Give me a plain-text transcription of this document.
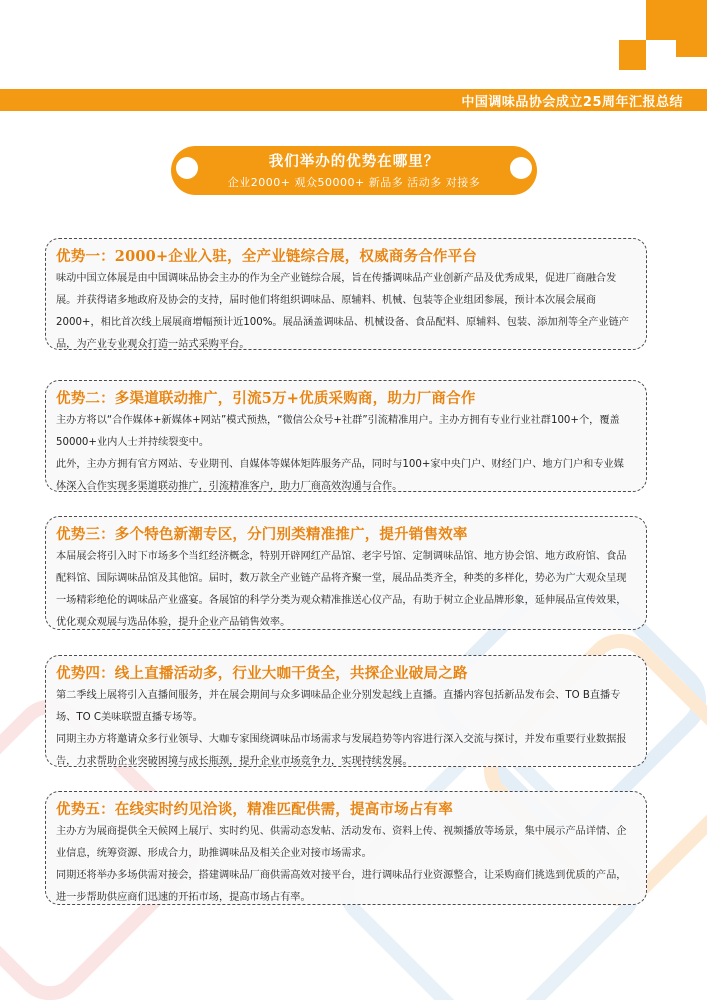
中国调味品协会成立25周年汇报总结
我们举办的优势在哪里？
企业2000+ 观众50000+ 新品多 活动多 对接多
优势一：2000+企业入驻，全产业链综合展，权威商务合作平台

味动中国立体展是由中国调味品协会主办的作为全产业链综合展，旨在传播调味品产业创新产品及优秀成果，促进厂商融合发展。并获得诸多地政府及协会的支持，届时他们将组织调味品、原辅料、机械、包装等企业组团参展，预计本次展会展商2000+，相比首次线上展展商增幅预计近100%。展品涵盖调味品、机械设备、食品配料、原辅料、包装、添加剂等全产业链产品，为产业专业观众打造一站式采购平台。

优势二：多渠道联动推广，引流5万+优质采购商，助力厂商合作

主办方将以“合作媒体+新媒体+网站”模式预热，“微信公众号+社群”引流精准用户。主办方拥有专业行业社群100+个，覆盖50000+业内人士并持续裂变中。

此外，主办方拥有官方网站、专业期刊、自媒体等媒体矩阵服务产品，同时与100+家中央门户、财经门户、地方门户和专业媒体深入合作实现多渠道联动推广，引流精准客户，助力厂商高效沟通与合作。

优势三：多个特色新潮专区，分门别类精准推广，提升销售效率

本届展会将引入时下市场多个当红经济概念，特别开辟网红产品馆、老字号馆、定制调味品馆、地方协会馆、地方政府馆、食品配料馆、国际调味品馆及其他馆。届时，数万款全产业链产品将齐聚一堂，展品品类齐全，种类的多样化，势必为广大观众呈现一场精彩绝伦的调味品产业盛宴。各展馆的科学分类为观众精准推送心仪产品，有助于树立企业品牌形象，延伸展品宣传效果，优化观众观展与选品体验，提升企业产品销售效率。

优势四：线上直播活动多，行业大咖干货全，共探企业破局之路

第二季线上展将引入直播间服务，并在展会期间与众多调味品企业分别发起线上直播。直播内容包括新品发布会、TO B直播专场、TO C美味联盟直播专场等。

同期主办方将邀请众多行业领导、大咖专家围绕调味品市场需求与发展趋势等内容进行深入交流与探讨，并发布重要行业数据报告，力求帮助企业突破困境与成长瓶颈，提升企业市场竞争力，实现持续发展。

优势五：在线实时约见洽谈，精准匹配供需，提高市场占有率

主办方为展商提供全天候网上展厅、实时约见、供需动态发帖、活动发布、资料上传、视频播放等场景，集中展示产品详情、企业信息，统筹资源、形成合力，助推调味品及相关企业对接市场需求。

同期还将举办多场供需对接会，搭建调味品厂商供需高效对接平台，进行调味品行业资源整合，让采购商们挑选到优质的产品，进一步帮助供应商们迅速的开拓市场，提高市场占有率。
